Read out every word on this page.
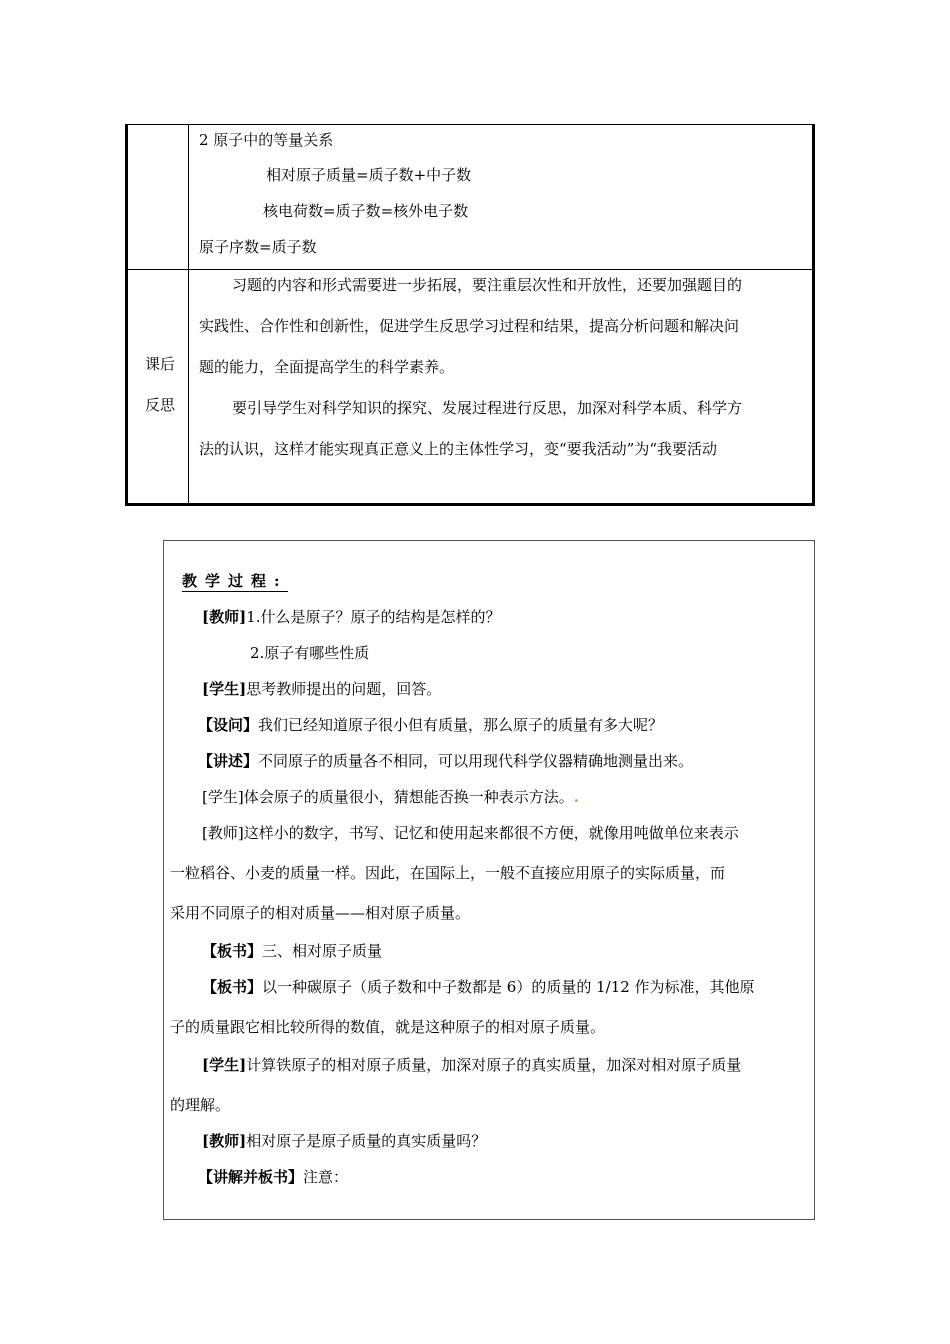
2 原子中的等量关系
相对原子质量=质子数+中子数
核电荷数=质子数=核外电子数
原子序数=质子数
课后
反思
习题的内容和形式需要进一步拓展，要注重层次性和开放性，还要加强题目的
实践性、合作性和创新性，促进学生反思学习过程和结果，提高分析问题和解决问
题的能力，全面提高学生的科学素养。
要引导学生对科学知识的探究、发展过程进行反思，加深对科学本质、科学方
法的认识，这样才能实现真正意义上的主体性学习，变“要我活动”为“我要活动
教学过程:
[教师]1.什么是原子？原子的结构是怎样的？
2.原子有哪些性质
[学生]思考教师提出的问题，回答。
【设问】我们已经知道原子很小但有质量，那么原子的质量有多大呢？
【讲述】不同原子的质量各不相同，可以用现代科学仪器精确地测量出来。
[学生]体会原子的质量很小，猜想能否换一种表示方法。.
[教师]这样小的数字，书写、记忆和使用起来都很不方便，就像用吨做单位来表示
一粒稻谷、小麦的质量一样。因此，在国际上，一般不直接应用原子的实际质量，而
采用不同原子的相对质量——相对原子质量。
【板书】三、相对原子质量
【板书】以一种碳原子（质子数和中子数都是 6）的质量的 1/12 作为标准，其他原
子的质量跟它相比较所得的数值，就是这种原子的相对原子质量。
[学生]计算铁原子的相对原子质量，加深对原子的真实质量，加深对相对原子质量
的理解。
[教师]相对原子是原子质量的真实质量吗？
【讲解并板书】注意：
